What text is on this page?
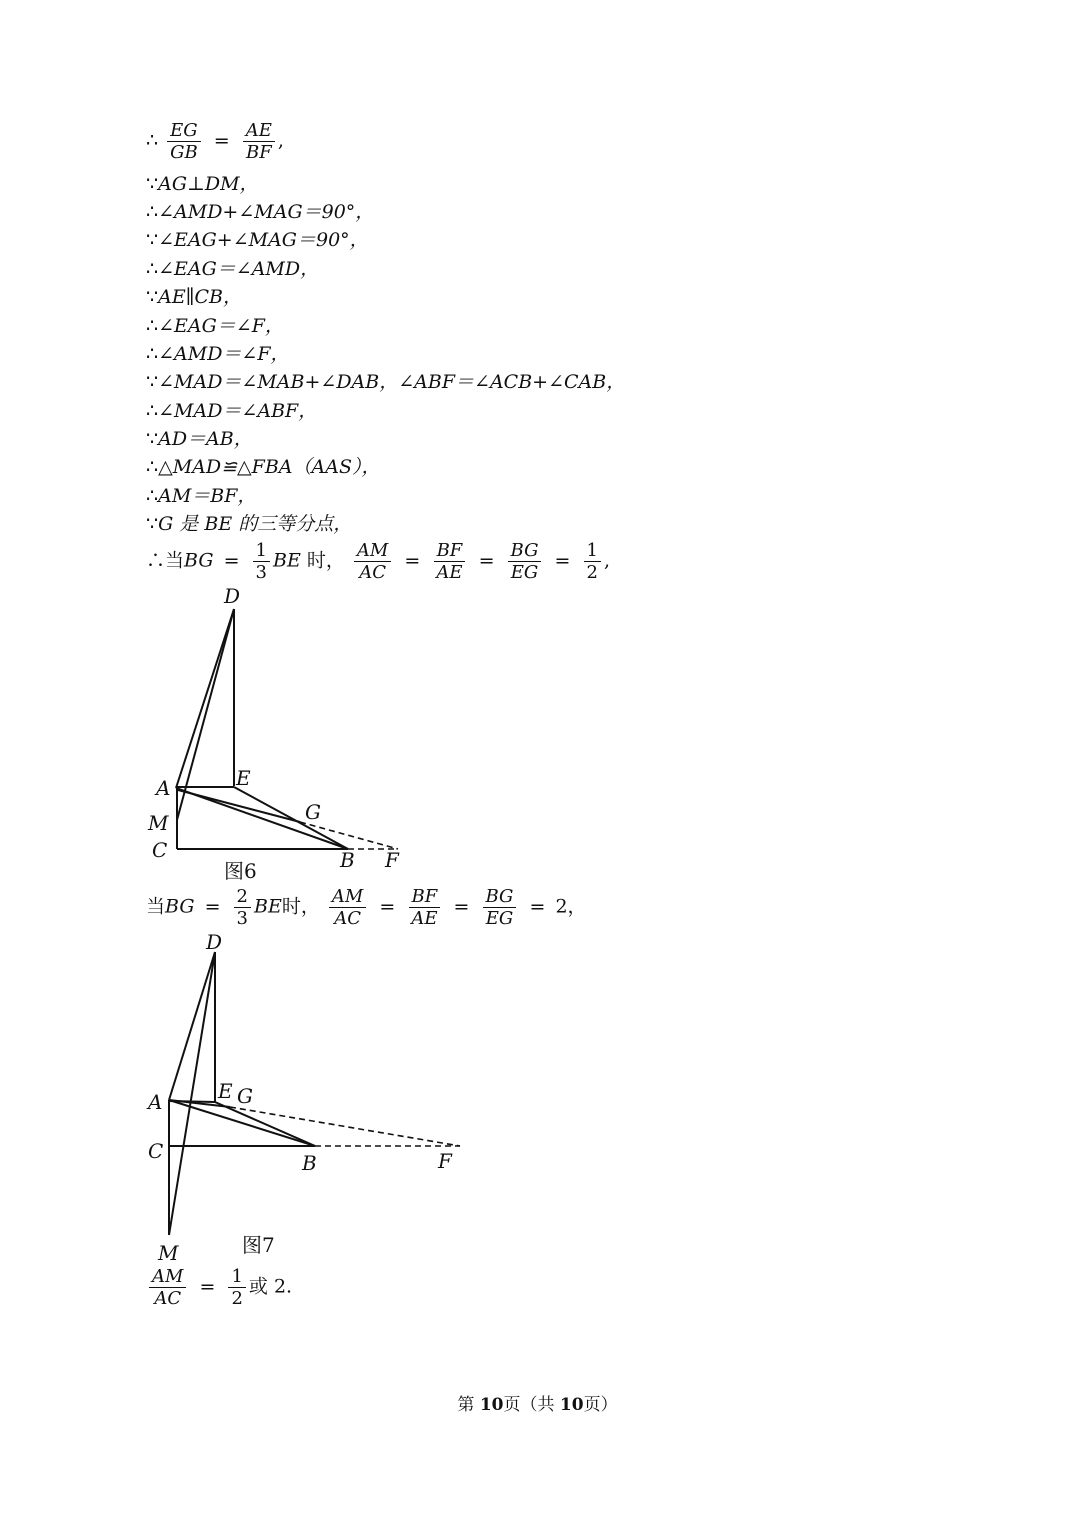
∴ $\frac{EG}{GB} = \frac{AE}{BF}$ ,
∵AG⊥DM，
∴∠AMD+∠MAG＝90°，
∵∠EAG+∠MAG＝90°，
∴∠EAG＝∠AMD，
∵AE∥CB，
∴∠EAG＝∠F，
∴∠AMD＝∠F，
∵∠MAD＝∠MAB+∠DAB，∠ABF＝∠ACB+∠CAB，
∴∠MAD＝∠ABF，
∵AD＝AB，
∴△MAD≌△FBA（AAS），
∴AM＝BF，
∵G 是 BE 的三等分点，
∴当BG = $\frac{1}{3}$ BE 时， $\frac{AM}{AC} = \frac{BF}{AE} = \frac{BG}{EG} = \frac{1}{2}$ ,
D
A	E
G
M
C	B F
图6
当BG = $\frac{2}{3}$ BE时， $\frac{AM}{AC} = \frac{BF}{AE} = \frac{BG}{EG} = 2$，
D
A	E G
C	B	F
M	图7
$\frac{AM}{AC} = \frac{1}{2}$ 或 2.
第 10页（共 10页）
